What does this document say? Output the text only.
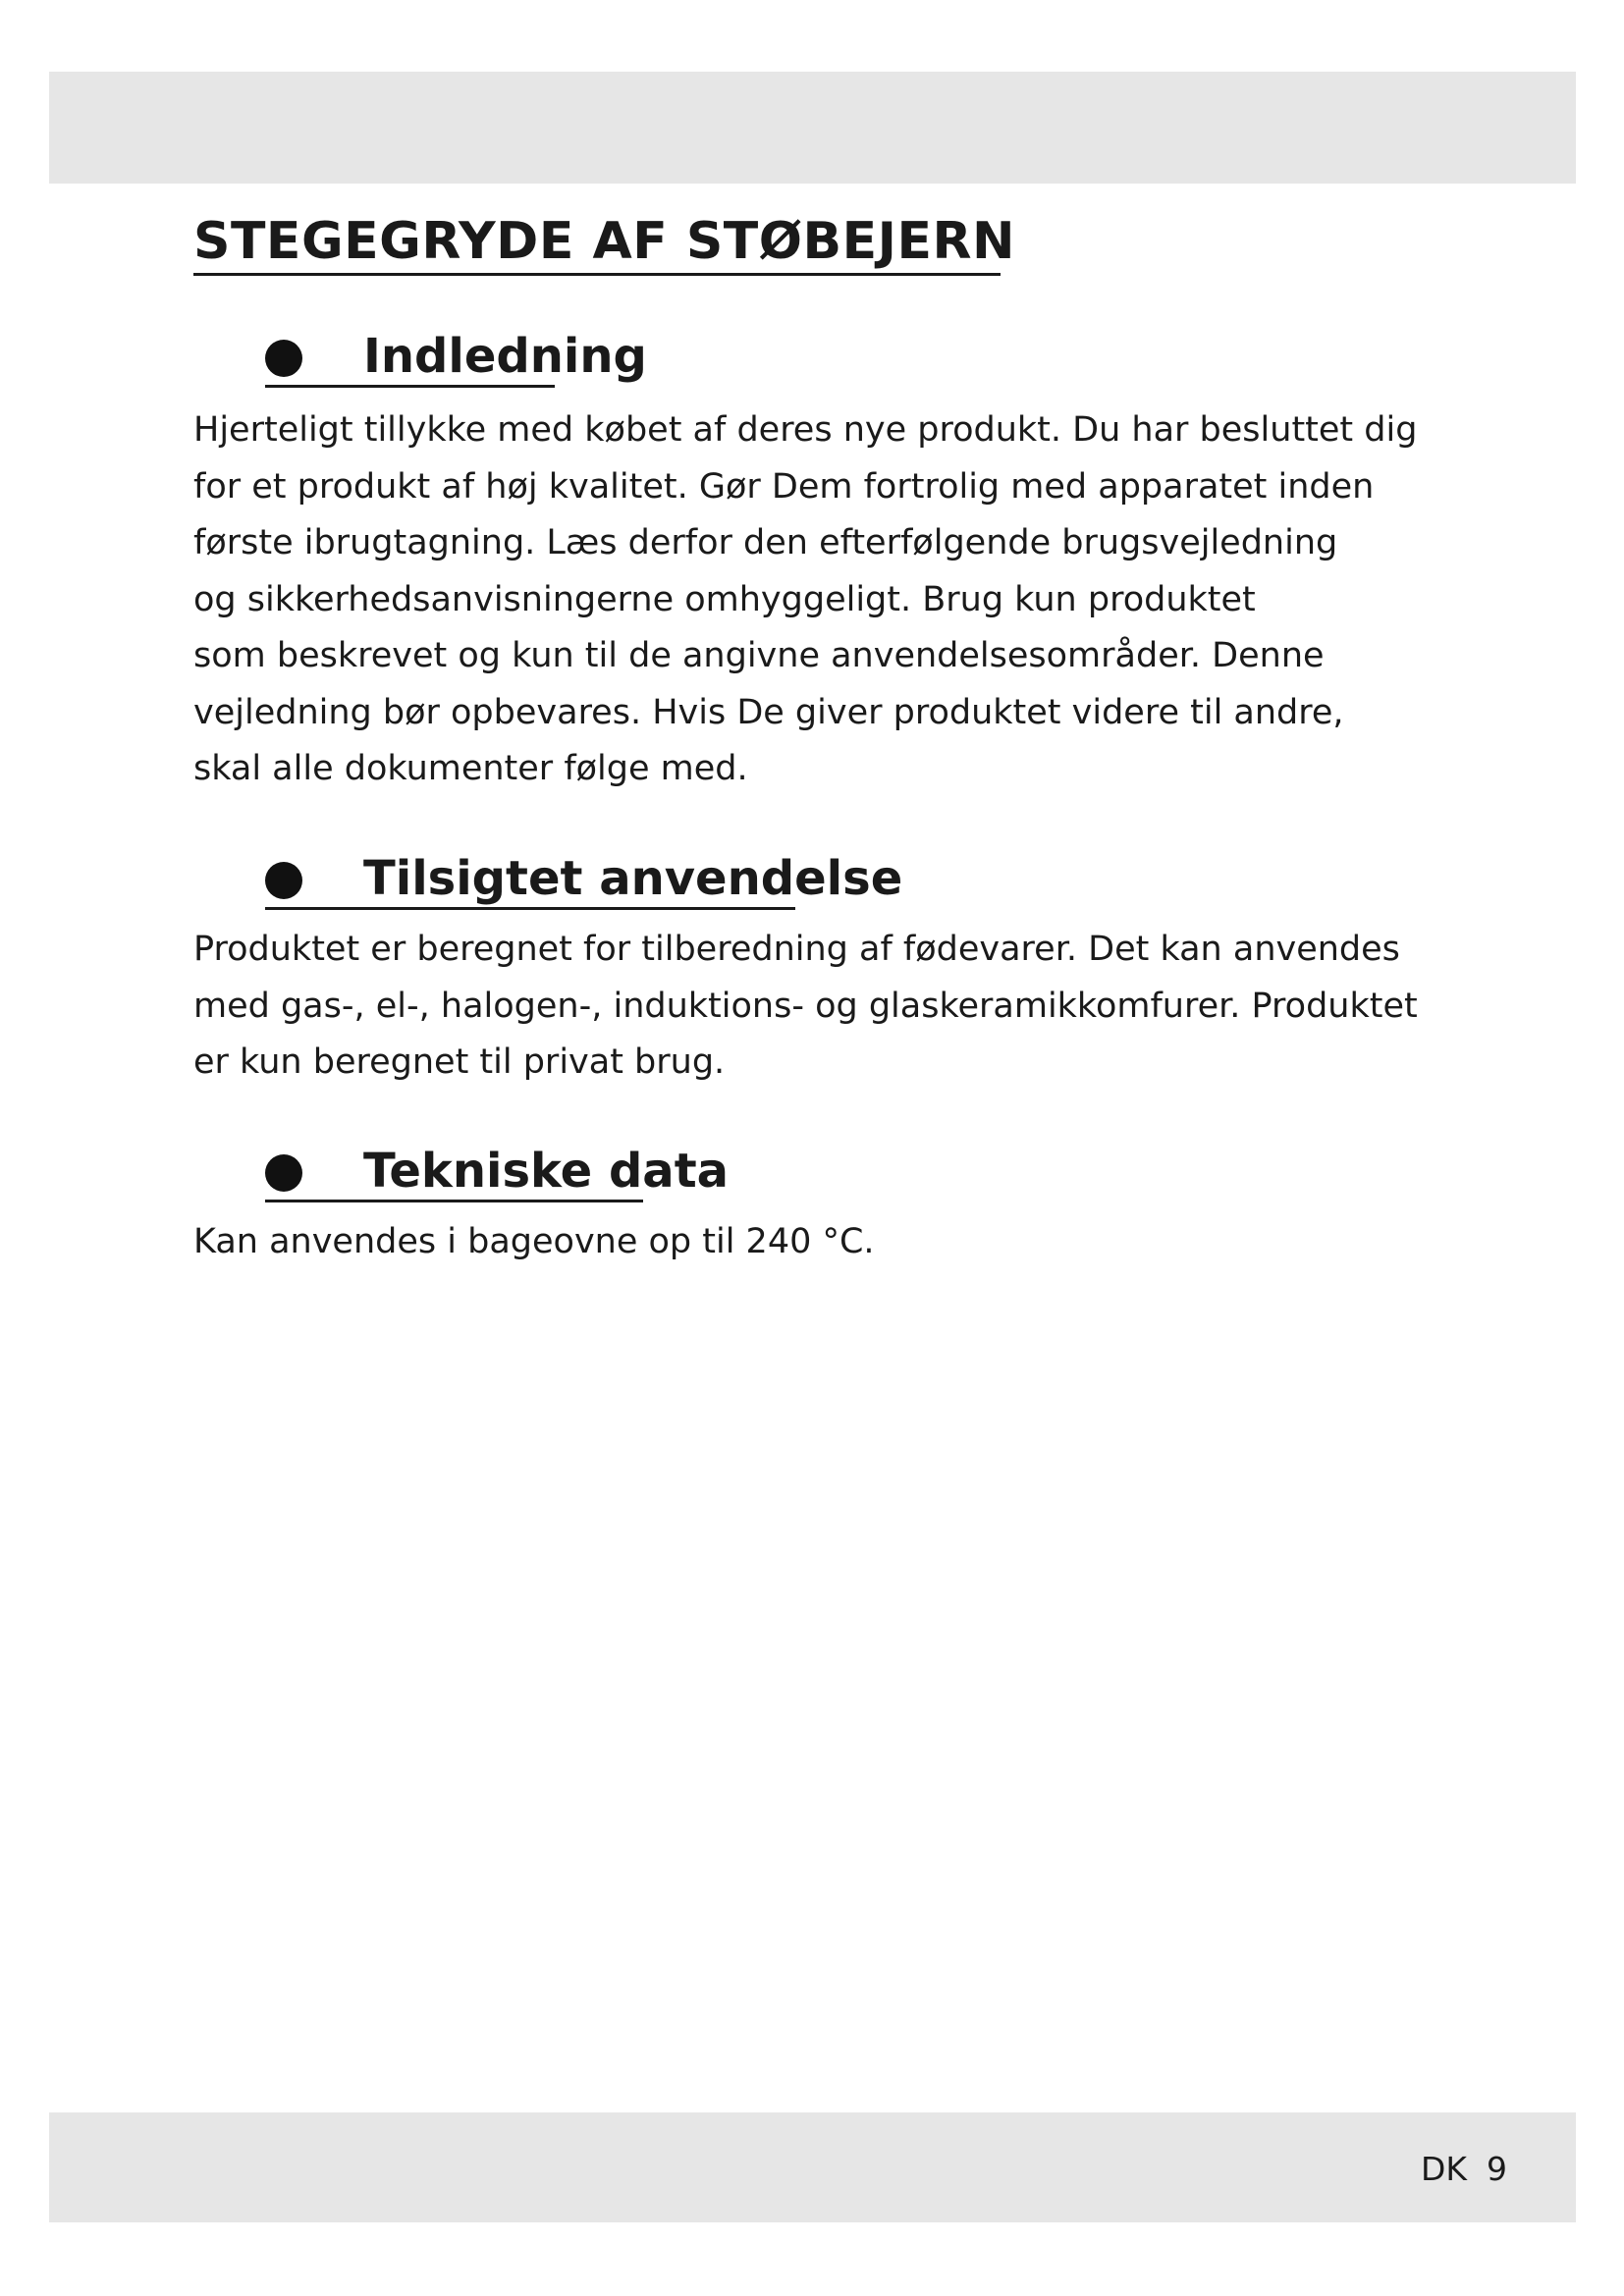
STEGEGRYDE AF STØBEJERN
Indledning

Hjerteligt tillykke med købet af deres nye produkt. Du har besluttet dig
for et produkt af høj kvalitet. Gør Dem fortrolig med apparatet inden
første ibrugtagning. Læs derfor den efterfølgende brugsvejledning
og sikkerhedsanvisningerne omhyggeligt. Brug kun produktet
som beskrevet og kun til de angivne anvendelsesområder. Denne
vejledning bør opbevares. Hvis De giver produktet videre til andre,
skal alle dokumenter følge med.

Tilsigtet anvendelse

Produktet er beregnet for tilberedning af fødevarer. Det kan anvendes
med gas-, el-, halogen-, induktions- og glaskeramikkomfurer. Produktet
er kun beregnet til privat brug.

Tekniske data

Kan anvendes i bageovne op til 240 °C.

DK 9
